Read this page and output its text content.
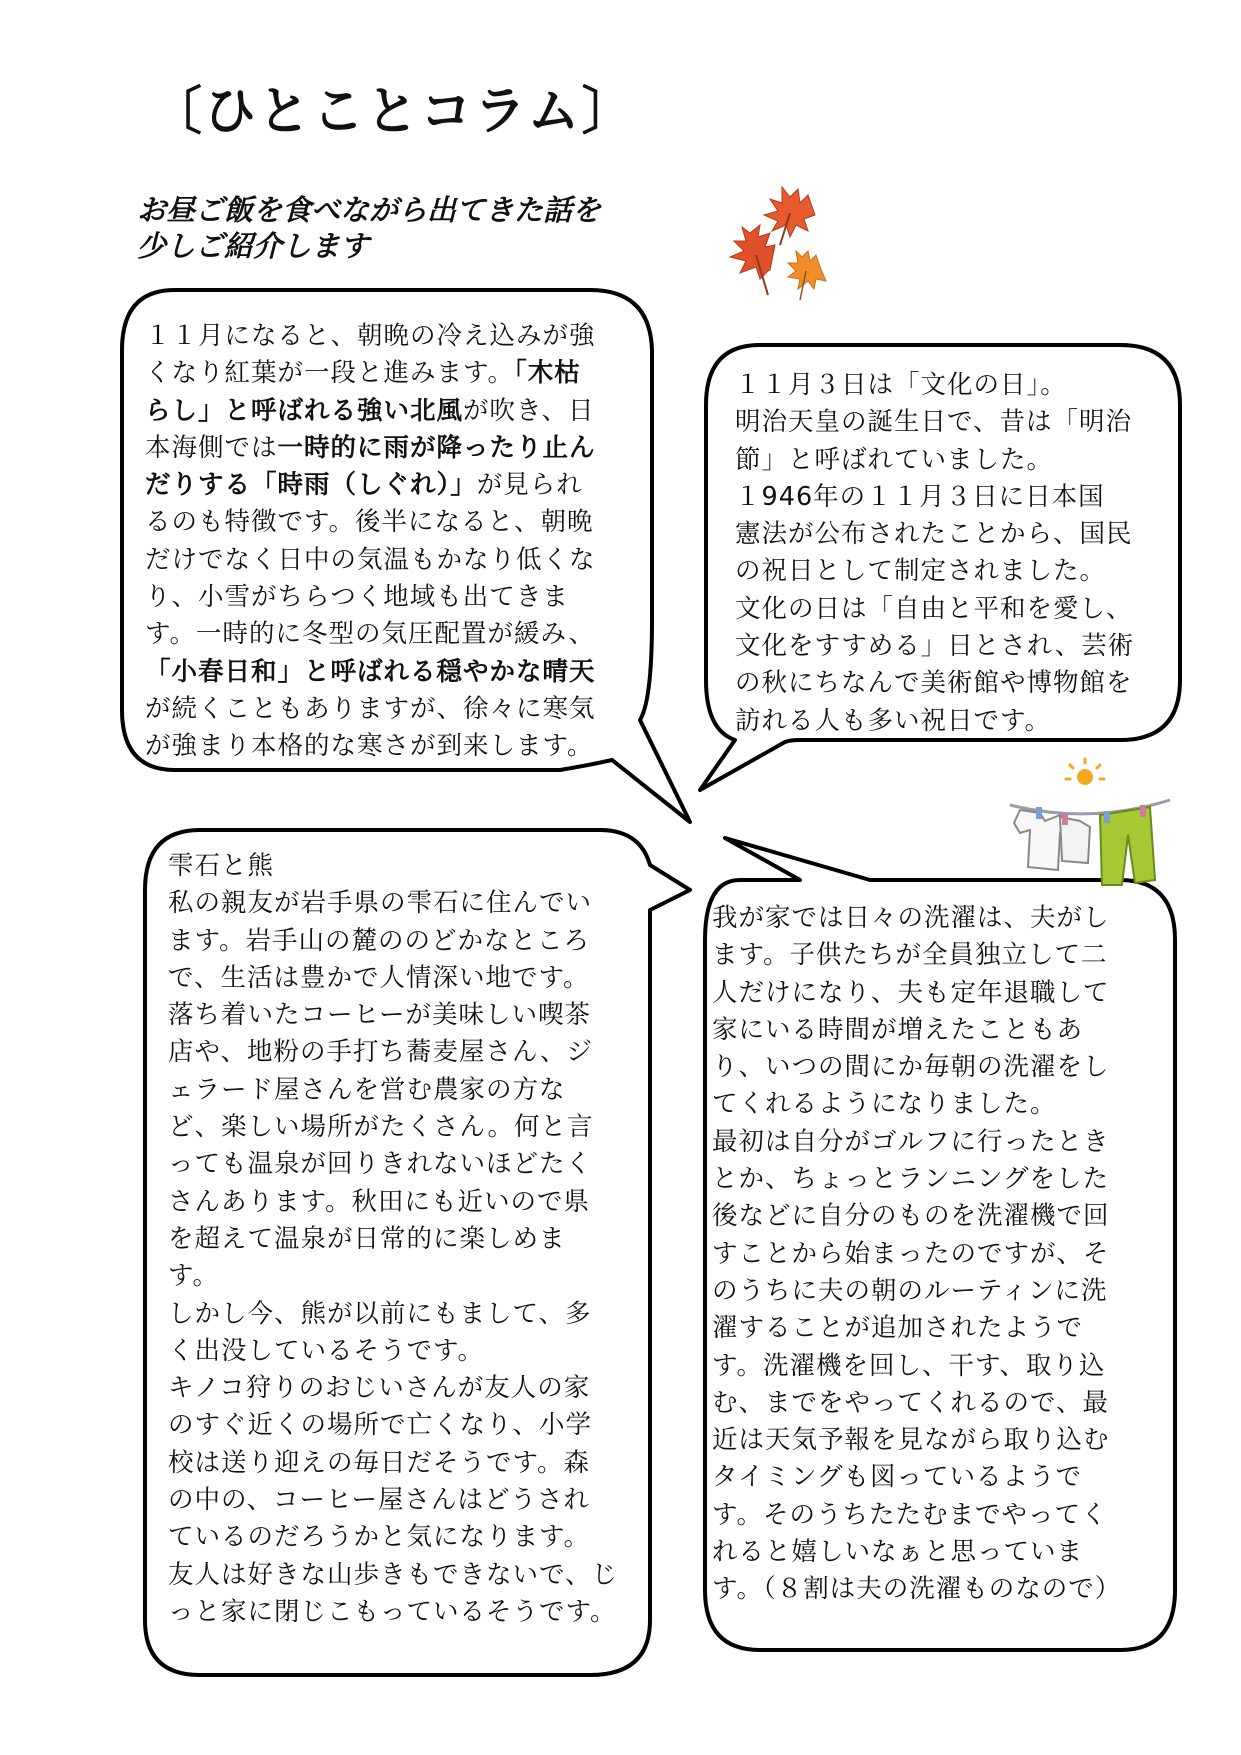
〔ひとことコラム〕
お昼ご飯を食べながら出てきた話を
少しご紹介します

１１月になると、朝晩の冷え込みが強

くなり紅葉が一段と進みます。「木枯

らし」と呼ばれる強い北風が吹き、日

本海側では一時的に雨が降ったり止ん

だりする「時雨（しぐれ）」が見られ

るのも特徴です。後半になると、朝晩

だけでなく日中の気温もかなり低くな

り、小雪がちらつく地域も出てきま

す。一時的に冬型の気圧配置が緩み、

「小春日和」と呼ばれる穏やかな晴天

が続くこともありますが、徐々に寒気

が強まり本格的な寒さが到来します。

１１月３日は「文化の日」。

明治天皇の誕生日で、昔は「明治

節」と呼ばれていました。

１946年の１１月３日に日本国

憲法が公布されたことから、国民

の祝日として制定されました。

文化の日は「自由と平和を愛し、

文化をすすめる」日とされ、芸術

の秋にちなんで美術館や博物館を

訪れる人も多い祝日です。

雫石と熊

私の親友が岩手県の雫石に住んでい

ます。岩手山の麓ののどかなところ

で、生活は豊かで人情深い地です。

落ち着いたコーヒーが美味しい喫茶

店や、地粉の手打ち蕎麦屋さん、ジ

ェラード屋さんを営む農家の方な

ど、楽しい場所がたくさん。何と言

っても温泉が回りきれないほどたく

さんあります。秋田にも近いので県

を超えて温泉が日常的に楽しめま

す。

しかし今、熊が以前にもまして、多

く出没しているそうです。

キノコ狩りのおじいさんが友人の家

のすぐ近くの場所で亡くなり、小学

校は送り迎えの毎日だそうです。森

の中の、コーヒー屋さんはどうされ

ているのだろうかと気になります。

友人は好きな山歩きもできないで、じ

っと家に閉じこもっているそうです。

我が家では日々の洗濯は、夫がし

ます。子供たちが全員独立して二

人だけになり、夫も定年退職して

家にいる時間が増えたこともあ

り、いつの間にか毎朝の洗濯をし

てくれるようになりました。

最初は自分がゴルフに行ったとき

とか、ちょっとランニングをした

後などに自分のものを洗濯機で回

すことから始まったのですが、そ

のうちに夫の朝のルーティンに洗

濯することが追加されたようで

す。洗濯機を回し、干す、取り込

む、までをやってくれるので、最

近は天気予報を見ながら取り込む

タイミングも図っているようで

す。そのうちたたむまでやってく

れると嬉しいなぁと思っていま

す。（８割は夫の洗濯ものなので）
